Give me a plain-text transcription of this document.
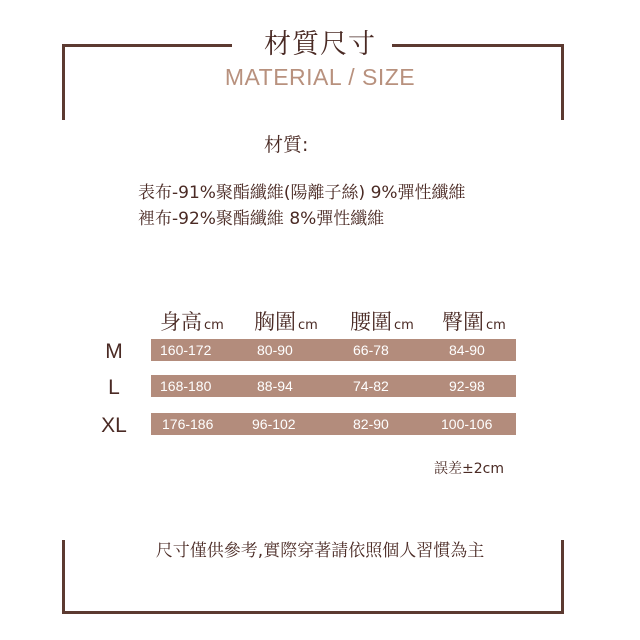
材質尺寸
MATERIAL / SIZE
材質:
表布-91%聚酯纖維(陽離子絲) 9%彈性纖維
裡布-92%聚酯纖維 8%彈性纖維
身高 cm 胸圍 cm 腰圍 cm 臀圍 cm
M	160-172	80-90	66-78	84-90
L	168-180	88-94	74-82	92-98
XL	176-186	96-102	82-90	100-106
誤差±2cm
尺寸僅供參考,實際穿著請依照個人習慣為主
